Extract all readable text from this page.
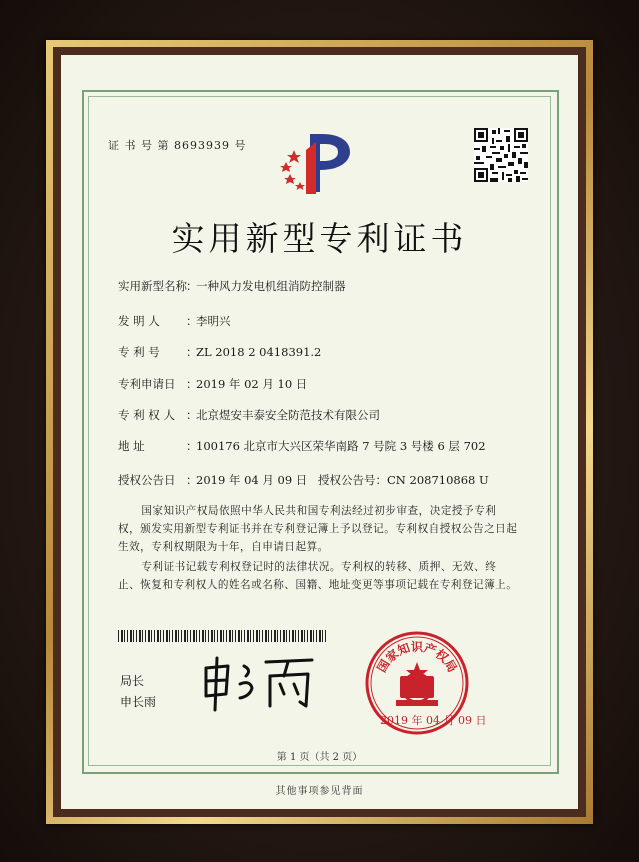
证 书 号 第 8693939 号
实用新型专利证书
实用新型名称：一种风力发电机组消防控制器
发 明 人 ：李明兴
专 利 号 ：ZL 2018 2 0418391.2
专利申请日 ：2019 年 02 月 10 日
专 利 权 人 ：北京煜安丰泰安全防范技术有限公司
地 址	：100176 北京市大兴区荣华南路 7 号院 3 号楼 6 层 702
授权公告日 ：2019 年 04 月 09 日 授权公告号：CN 208710868 U
国家知识产权局依照中华人民共和国专利法经过初步审查，决定授予专利权，颁发实用新型专利证书并在专利登记簿上予以登记。专利权自授权公告之日起生效，专利权期限为十年，自申请日起算。
专利证书记载专利权登记时的法律状况。专利权的转移、质押、无效、终止、恢复和专利权人的姓名或名称、国籍、地址变更等事项记载在专利登记簿上。
局长
申长雨
国家知识产权局
2019 年 04 月 09 日
第 1 页（共 2 页）
其他事项参见背面
